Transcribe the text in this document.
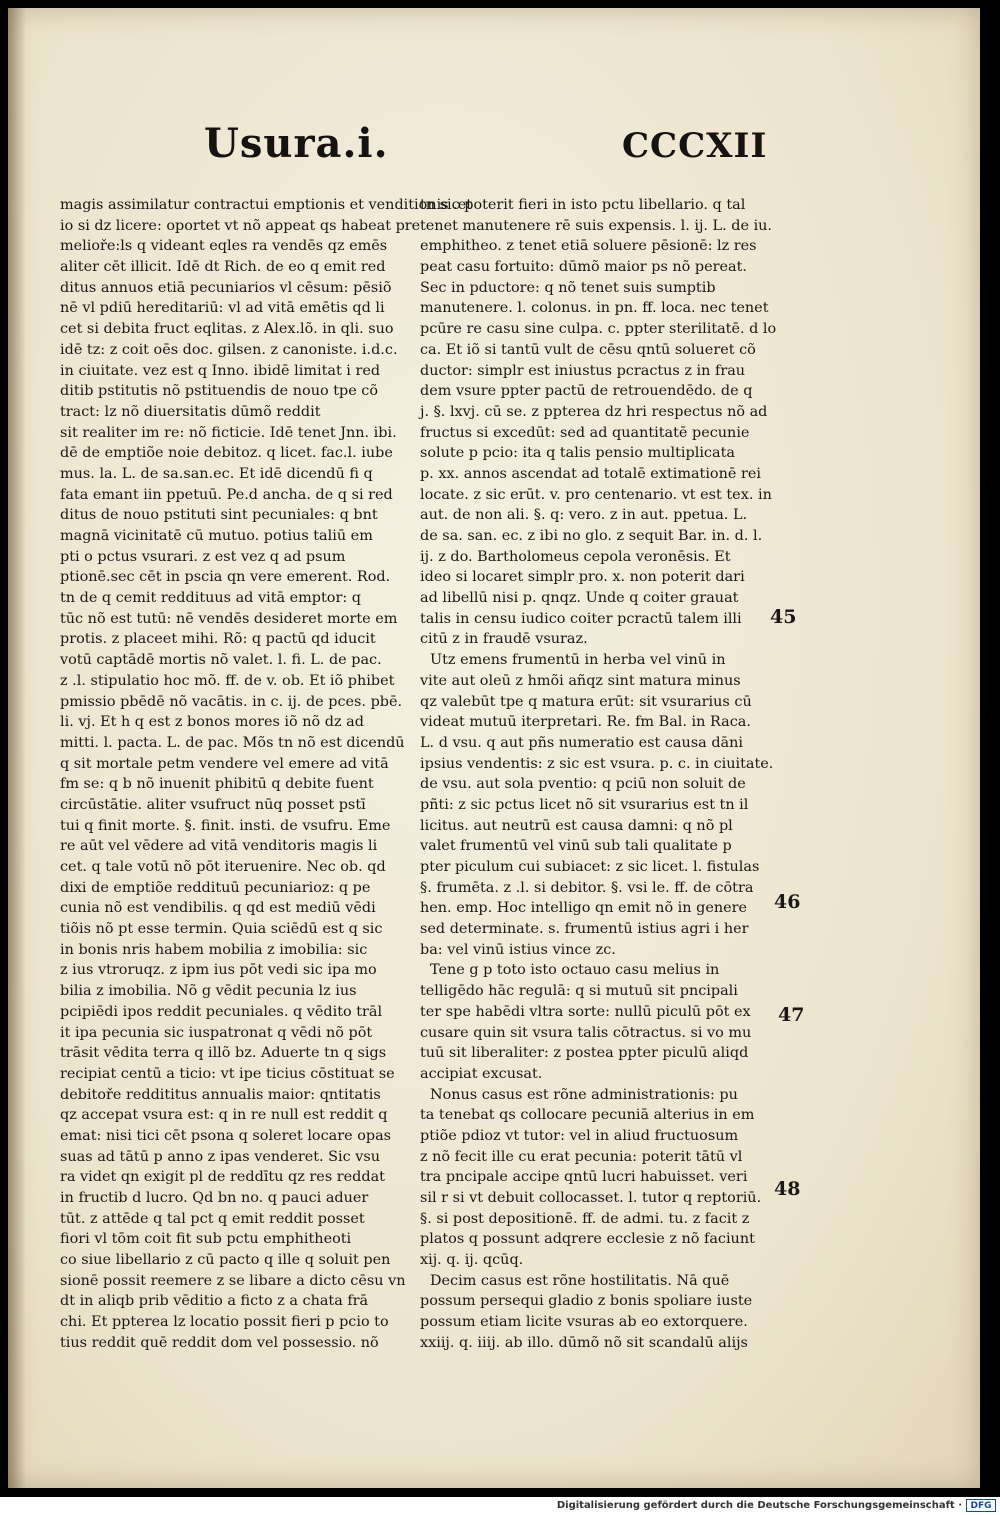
Usura.i.	CCCXII
magis assimilatur contractui emptionis et venditionis .et
io si dz licere: oportet vt nõ appeat qs habeat pre
melioře:ls q videant eqles ra vendēs qz emēs
aliter cēt illicit. Idē dt Rich. de eo q emit red
ditus annuos etiā pecuniarios vl cēsum: pēsiõ
nē vl pdiū hereditariū: vl ad vitā emētis qd li
cet si debita fruct eqlitas. z Alex.lõ. in qli. suo
idē tz: z coit oēs doc. gilsen. z canoniste. i.d.c.
in ciuitate. vez est q Inno. ibidē limitat i red
ditib pstitutis nõ pstituendis de nouo tpe cõ
tract: lz nõ diuersitatis dūmõ reddit
sit realiter im re: nõ ficticie. Idē tenet Jnn. ibi.
dē de emptiõe noie debitoz. q licet. fac.l. iube
mus. la. L. de sa.san.ec. Et idē dicendū fi q
fata emant iin ppetuū. Pe.d ancha. de q si red
ditus de nouo pstituti sint pecuniales: q bnt
magnā vicinitatē cū mutuo. potius taliū em
pti o pctus vsurari. z est vez q ad psum
ptionē.sec cēt in pscia qn vere emerent. Rod.
tn de q cemit reddituus ad vitā emptor: q
tūc nõ est tutū: nē vendēs desideret morte em
protis. z placeet mihi. Rõ: q pactū qd iducit
votū captādē mortis nõ valet. l. fi. L. de pac.
z .l. stipulatio hoc mõ. ff. de v. ob. Et iõ phibet
pmissio pbēdē nõ vacātis. in c. ij. de pces. pbē.
li. vj. Et h q est z bonos mores iõ nõ dz ad
mitti. l. pacta. L. de pac. Mõs tn nõ est dicendū
q sit mortale petm vendere vel emere ad vitā
fm se: q b nõ inuenit phibitū q debite fuent
circūstātie. aliter vsufruct nūq posset pstī
tui q finit morte. §. finit. insti. de vsufru. Eme
re aūt vel vēdere ad vitā venditoris magis li
cet. q tale votū nõ pōt iteruenire. Nec ob. qd
dixi de emptiõe reddituū pecuniarioz: q pe
cunia nõ est vendibilis. q qd est mediū vēdi
tiõis nõ pt esse termin. Quia sciēdū est q sic
in bonis nris habem mobilia z imobilia: sic
z ius vtroruqz. z ipm ius pōt vedi sic ipa mo
bilia z imobilia. Nõ g vēdit pecunia lz ius
pcipiēdi ipos reddit pecuniales. q vēdito trāl
it ipa pecunia sic iuspatronat q vēdi nõ pōt
trāsit vēdita terra q illõ bz. Aduerte tn q sigs
recipiat centū a ticio: vt ipe ticius cōstituat se
debitoře reddititus annualis maior: qntitatis
qz accepat vsura est: q in re null est reddit q
emat: nisi tici cēt psona q soleret locare opas
suas ad tātū p anno z ipas venderet. Sic vsu
ra videt qn exigit pl de reddītu qz res reddat
in fructib d lucro. Qd bn no. q pauci aduer
tūt. z attēde q tal pct q emit reddit posset
fiori vl tōm coit fit sub pctu emphitheoti
co siue libellario z cū pacto q ille q soluit pen
sionē possit reemere z se libare a dicto cēsu vn
dt in aliqb prib vēditio a ficto z a chata frā
chi. Et ppterea lz locatio possit fieri p pcio to
tius reddit quē reddit dom vel possessio. nõ
tn sic poterit fieri in isto pctu libellario. q tal
tenet manutenere rē suis expensis. l. ij. L. de iu.
emphitheo. z tenet etiā soluere pēsionē: lz res
peat casu fortuito: dūmõ maior ps nõ pereat.
Sec in pductore: q nõ tenet suis sumptib
manutenere. l. colonus. in pn. ff. loca. nec tenet
pcūre re casu sine culpa. c. ppter sterilitatē. d lo
ca. Et iõ si tantū vult de cēsu qntū solueret cõ
ductor: simplr est iniustus pcractus z in frau
dem vsure ppter pactū de retrouendēdo. de q
j. §. lxvj. cū se. z ppterea dz hri respectus nõ ad
fructus si excedūt: sed ad quantitatē pecunie
solute p pcio: ita q talis pensio multiplicata
p. xx. annos ascendat ad totalē extimationē rei
locate. z sic erūt. v. pro centenario. vt est tex. in
aut. de non ali. §. q: vero. z in aut. ppetua. L.
de sa. san. ec. z ibi no glo. z sequit Bar. in. d. l.
ij. z do. Bartholomeus cepola veronēsis. Et
ideo si locaret simplr pro. x. non poterit dari
ad libellū nisi p. qnqz. Unde q coiter grauat
talis in censu iudico coiter pcractū talem illi
citū z in fraudē vsuraz.
Utz emens frumentū in herba vel vinū in
vite aut oleū z hmõi añqz sint matura minus
qz valebūt tpe q matura erūt: sit vsurarius cū
videat mutuū iterpretari. Re. fm Bal. in Raca.
L. d vsu. q aut pñs numeratio est causa dāni
ipsius vendentis: z sic est vsura. p. c. in ciuitate.
de vsu. aut sola pventio: q pciū non soluit de
pñti: z sic pctus licet nõ sit vsurarius est tn il
licitus. aut neutrū est causa damni: q nõ pl
valet frumentū vel vinū sub tali qualitate p
pter piculum cui subiacet: z sic licet. l. fistulas
§. frumēta. z .l. si debitor. §. vsi le. ff. de cōtra
hen. emp. Hoc intelligo qn emit nõ in genere
sed determinate. s. frumentū istius agri i her
ba: vel vinū istius vince zc.
Tene g p toto isto octauo casu melius in
telligēdo hāc regulā: q si mutuū sit pncipali
ter spe habēdi vltra sorte: nullū piculū pōt ex
cusare quin sit vsura talis cōtractus. si vo mu
tuū sit liberaliter: z postea ppter piculū aliqd
accipiat excusat.
Nonus casus est rõne administrationis: pu
ta tenebat qs collocare pecuniā alterius in em
ptiõe pdioz vt tutor: vel in aliud fructuosum
z nõ fecit ille cu erat pecunia: poterit tātū vl
tra pncipale accipe qntū lucri habuisset. veri
sil r si vt debuit collocasset. l. tutor q reptoriū.
§. si post depositionē. ff. de admi. tu. z facit z
platos q possunt adqrere ecclesie z nõ faciunt
xij. q. ij. qcūq.
Decim casus est rõne hostilitatis. Nā quē
possum persequi gladio z bonis spoliare iuste
possum etiam licite vsuras ab eo extorquere.
xxiij. q. iiij. ab illo. dūmõ nõ sit scandalū alijs
45
46
47
48
Digitalisierung gefördert durch die Deutsche Forschungsgemeinschaft · DFG
